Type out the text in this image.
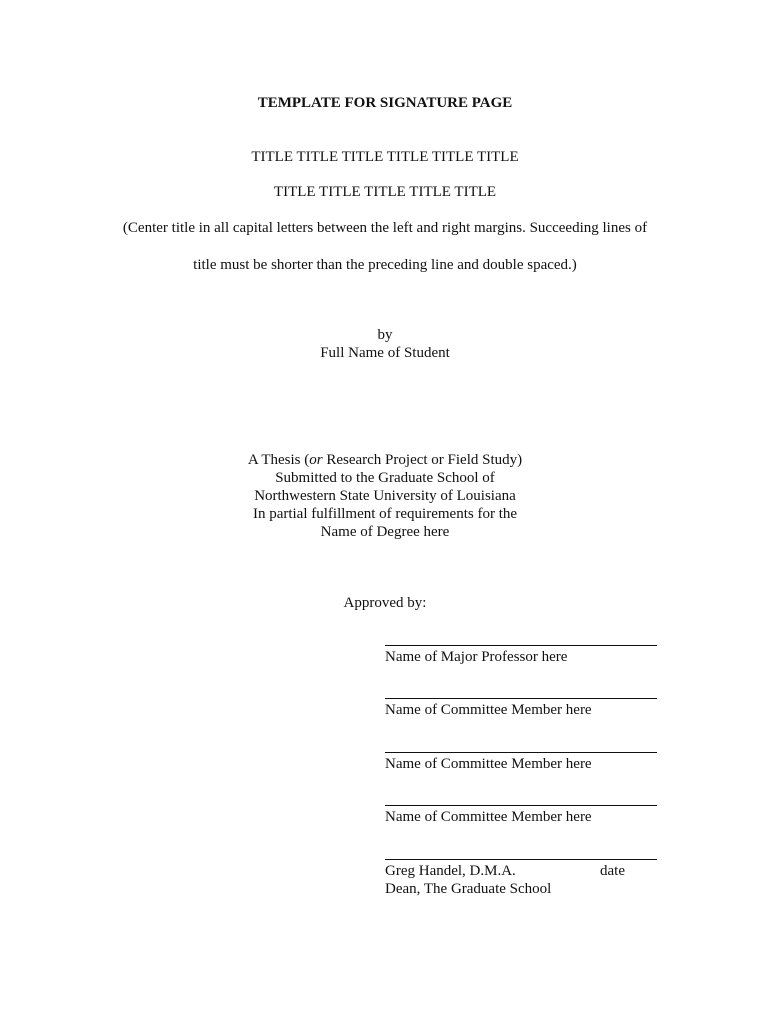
TEMPLATE FOR SIGNATURE PAGE
TITLE TITLE TITLE TITLE TITLE TITLE
TITLE TITLE TITLE TITLE TITLE
(Center title in all capital letters between the left and right margins. Succeeding lines of
title must be shorter than the preceding line and double spaced.)
by
Full Name of Student
A Thesis (or Research Project or Field Study)
Submitted to the Graduate School of
Northwestern State University of Louisiana
In partial fulfillment of requirements for the
Name of Degree here
Approved by:
Name of Major Professor here
Name of Committee Member here
Name of Committee Member here
Name of Committee Member here
Greg Handel, D.M.A.	date
Dean, The Graduate School
